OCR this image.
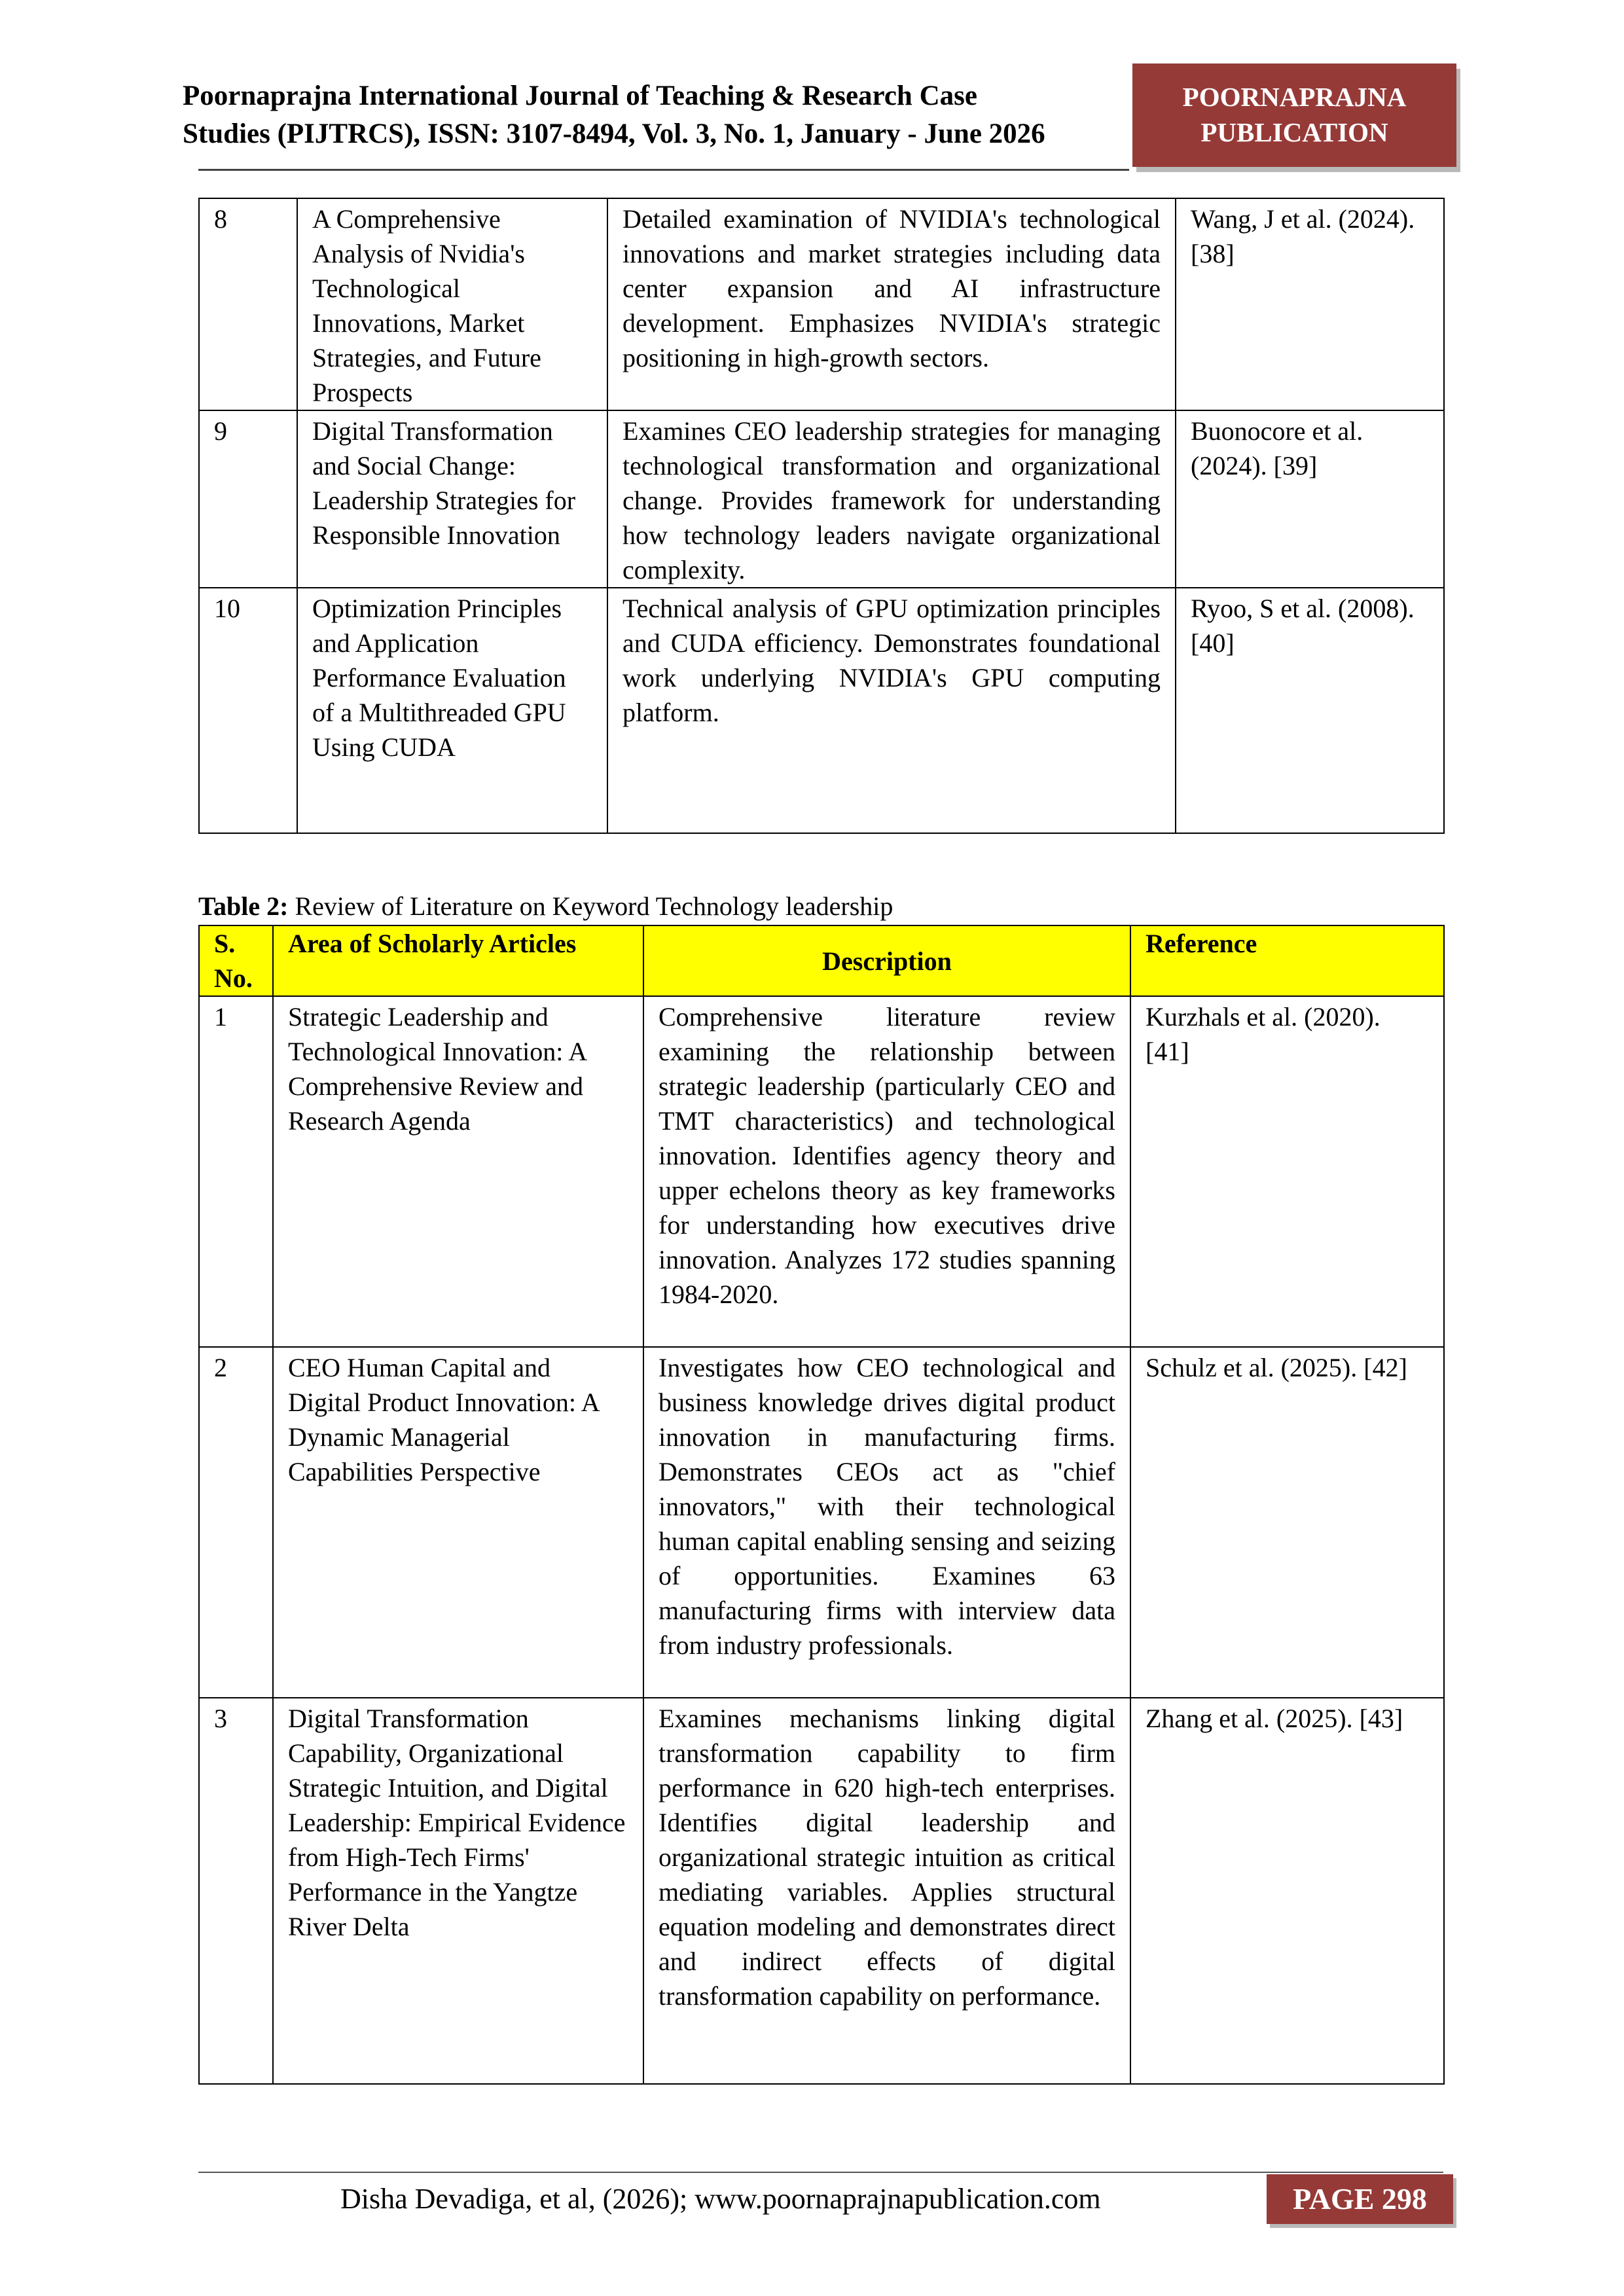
Poornaprajna International Journal of Teaching & Research Case
Studies (PIJTRCS), ISSN: 3107-8494, Vol. 3, No. 1, January - June 2026
POORNAPRAJNA
PUBLICATION
8	A Comprehensive Analysis of Nvidia's Technological Innovations, Market Strategies, and Future Prospects	Detailed examination of NVIDIA's technological innovations and market strategies including data center expansion and AI infrastructure development. Emphasizes NVIDIA's strategic positioning in high-growth sectors.	Wang, J et al. (2024). [38]
9	Digital Transformation and Social Change: Leadership Strategies for Responsible Innovation	Examines CEO leadership strategies for managing technological transformation and organizational change. Provides framework for understanding how technology leaders navigate organizational complexity.	Buonocore et al. (2024). [39]
10	Optimization Principles and Application Performance Evaluation of a Multithreaded GPU Using CUDA	Technical analysis of GPU optimization principles and CUDA efficiency. Demonstrates foundational work underlying NVIDIA's GPU computing platform.	Ryoo, S et al. (2008). [40]
Table 2: Review of Literature on Keyword Technology leadership
S. No.	Area of Scholarly Articles	Description	Reference
1	Strategic Leadership and Technological Innovation: A Comprehensive Review and Research Agenda	Comprehensive literature review examining the relationship between strategic leadership (particularly CEO and TMT characteristics) and technological innovation. Identifies agency theory and upper echelons theory as key frameworks for understanding how executives drive innovation. Analyzes 172 studies spanning 1984-2020.	Kurzhals et al. (2020). [41]
2	CEO Human Capital and Digital Product Innovation: A Dynamic Managerial Capabilities Perspective	Investigates how CEO technological and business knowledge drives digital product innovation in manufacturing firms. Demonstrates CEOs act as "chief innovators," with their technological human capital enabling sensing and seizing of opportunities. Examines 63 manufacturing firms with interview data from industry professionals.	Schulz et al. (2025). [42]
3	Digital Transformation Capability, Organizational Strategic Intuition, and Digital Leadership: Empirical Evidence from High-Tech Firms' Performance in the Yangtze River Delta	Examines mechanisms linking digital transformation capability to firm performance in 620 high-tech enterprises. Identifies digital leadership and organizational strategic intuition as critical mediating variables. Applies structural equation modeling and demonstrates direct and indirect effects of digital transformation capability on performance.	Zhang et al. (2025). [43]
Disha Devadiga, et al, (2026); www.poornaprajnapublication.com	PAGE 298
